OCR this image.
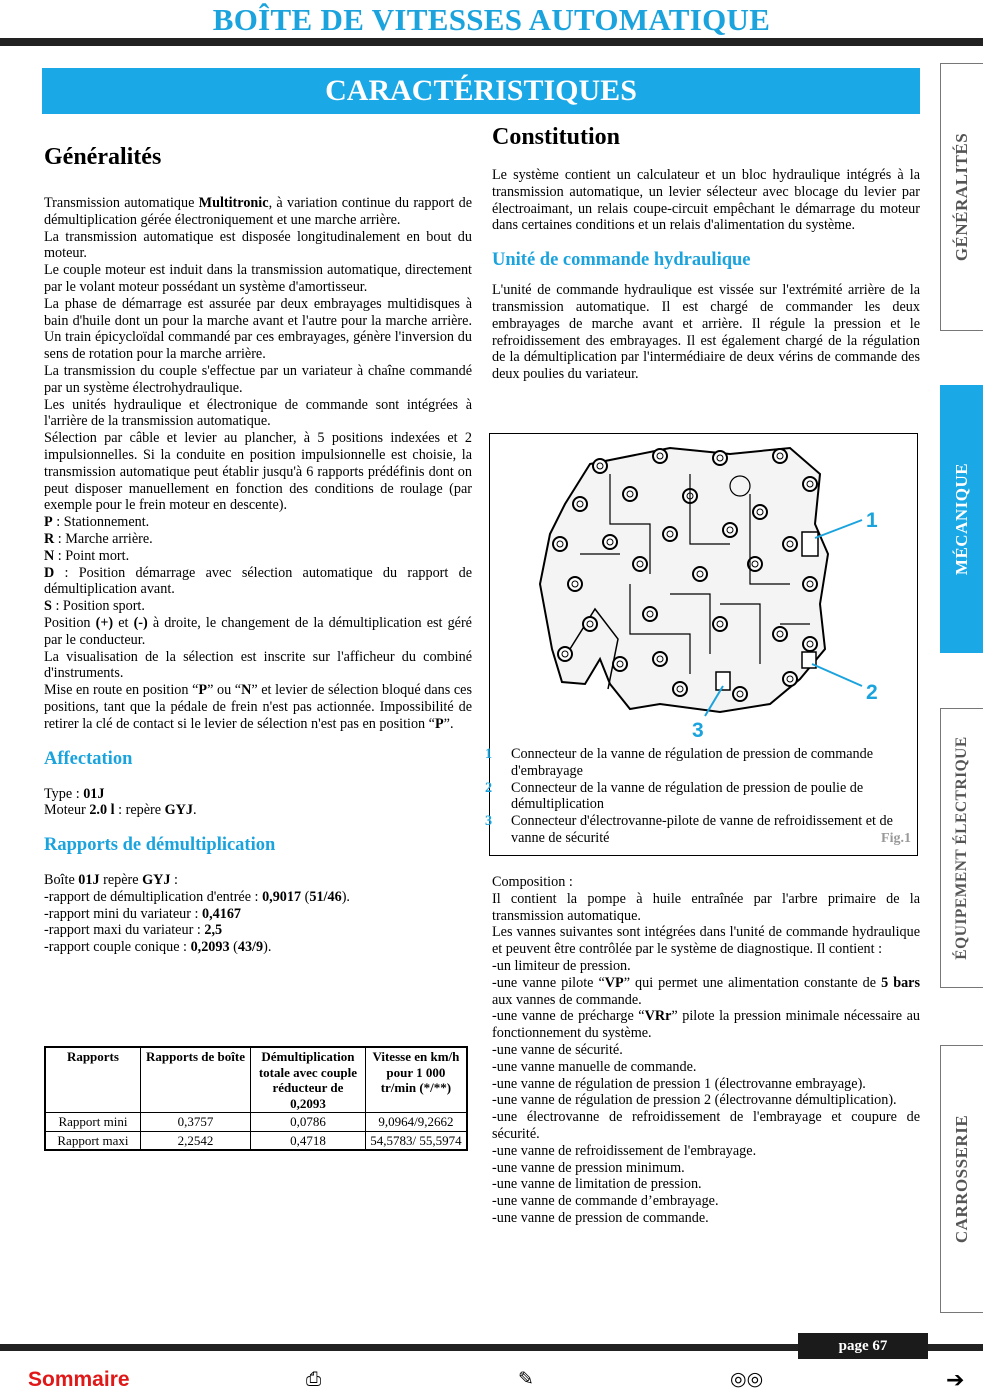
BOÎTE DE VITESSES AUTOMATIQUE
CARACTÉRISTIQUES
GÉNÉRALITÉS
MÉCANIQUE
ÉQUIPEMENT ÉLECTRIQUE
CARROSSERIE
Généralités

Transmission automatique Multitronic, à variation continue du rapport de démultiplication gérée électroniquement et une marche arrière.

La transmission automatique est disposée longitudinalement en bout du moteur.

Le couple moteur est induit dans la transmission automatique, directement par le volant moteur possédant un système d'amortisseur.

La phase de démarrage est assurée par deux embrayages multidisques à bain d'huile dont un pour la marche avant et l'autre pour la marche arrière. Un train épicycloïdal commandé par ces embrayages, génère l'inversion du sens de rotation pour la marche arrière.

La transmission du couple s'effectue par un variateur à chaîne commandé par un système électrohydraulique.

Les unités hydraulique et électronique de commande sont intégrées à l'arrière de la transmission automatique.

Sélection par câble et levier au plancher, à 5 positions indexées et 2 impulsionnelles. Si la conduite en position impulsionnelle est choisie, la transmission automatique peut établir jusqu'à 6 rapports prédéfinis dont on peut disposer manuellement en fonction des conditions de roulage (par exemple pour le frein moteur en descente).

P : Stationnement.

R : Marche arrière.

N : Point mort.

D : Position démarrage avec sélection automatique du rapport de démultiplication avant.

S : Position sport.

Position (+) et (-) à droite, le changement de la démultiplication est géré par le conducteur.

La visualisation de la sélection est inscrite sur l'afficheur du combiné d'instruments.

Mise en route en position “P” ou “N” et levier de sélection bloqué dans ces positions, tant que la pédale de frein n'est pas actionnée. Impossibilité de retirer la clé de contact si le levier de sélection n'est pas en position “P”.

Affectation

Type : 01J

Moteur 2.0 l : repère GYJ.

Rapports de démultiplication

Boîte 01J repère GYJ :

-rapport de démultiplication d'entrée : 0,9017 (51/46).

-rapport mini du variateur : 0,4167

-rapport maxi du variateur : 2,5

-rapport couple conique : 0,2093 (43/9).

Rapports	Rapports de boîte	Démultiplication totale avec couple réducteur de 0,2093	Vitesse en km/h pour 1 000 tr/min (*/**)
Rapport mini	0,3757	0,0786	9,0964/9,2662
Rapport maxi	2,2542	0,4718	54,5783/ 55,5974
Constitution

Le système contient un calculateur et un bloc hydraulique intégrés à la transmission automatique, un levier sélecteur avec blocage du levier par électroaimant, un relais coupe-circuit empêchant le démarrage du moteur dans certaines conditions et un relais d'alimentation du système.

Unité de commande hydraulique

L'unité de commande hydraulique est vissée sur l'extrémité arrière de la transmission automatique. Il est chargé de commander les deux embrayages de marche avant et arrière. Il régule la pression et le refroidissement des embrayages. Il est également chargé de la régulation de la démultiplication par l'intermédiaire de deux vérins de commande des deux poulies du variateur.

1
2
3
1 Connecteur de la vanne de régulation de pression de commande d'embrayage
2 Connecteur de la vanne de régulation de pression de poulie de démultiplication
3 Connecteur d'électrovanne-pilote de vanne de refroidissement et de vanne de sécurité	Fig.1

Composition :

Il contient la pompe à huile entraînée par l'arbre primaire de la transmission automatique.

Les vannes suivantes sont intégrées dans l'unité de commande hydraulique et peuvent être contrôlée par le système de diagnostique. Il contient :

-un limiteur de pression.

-une vanne pilote “VP” qui permet une alimentation constante de 5 bars aux vannes de commande.

-une vanne de précharge “VRr” pilote la pression minimale nécessaire au fonctionnement du système.

-une vanne de sécurité.

-une vanne manuelle de commande.

-une vanne de régulation de pression 1 (électrovanne embrayage).

-une vanne de régulation de pression 2 (électrovanne démultiplication).

-une électrovanne de refroidissement de l'embrayage et coupure de sécurité.

-une vanne de refroidissement de l'embrayage.

-une vanne de pression minimum.

-une vanne de limitation de pression.

-une vanne de commande d’embrayage.

-une vanne de pression de commande.

page 67
Sommaire	⎙	✎	◎◎	➔
